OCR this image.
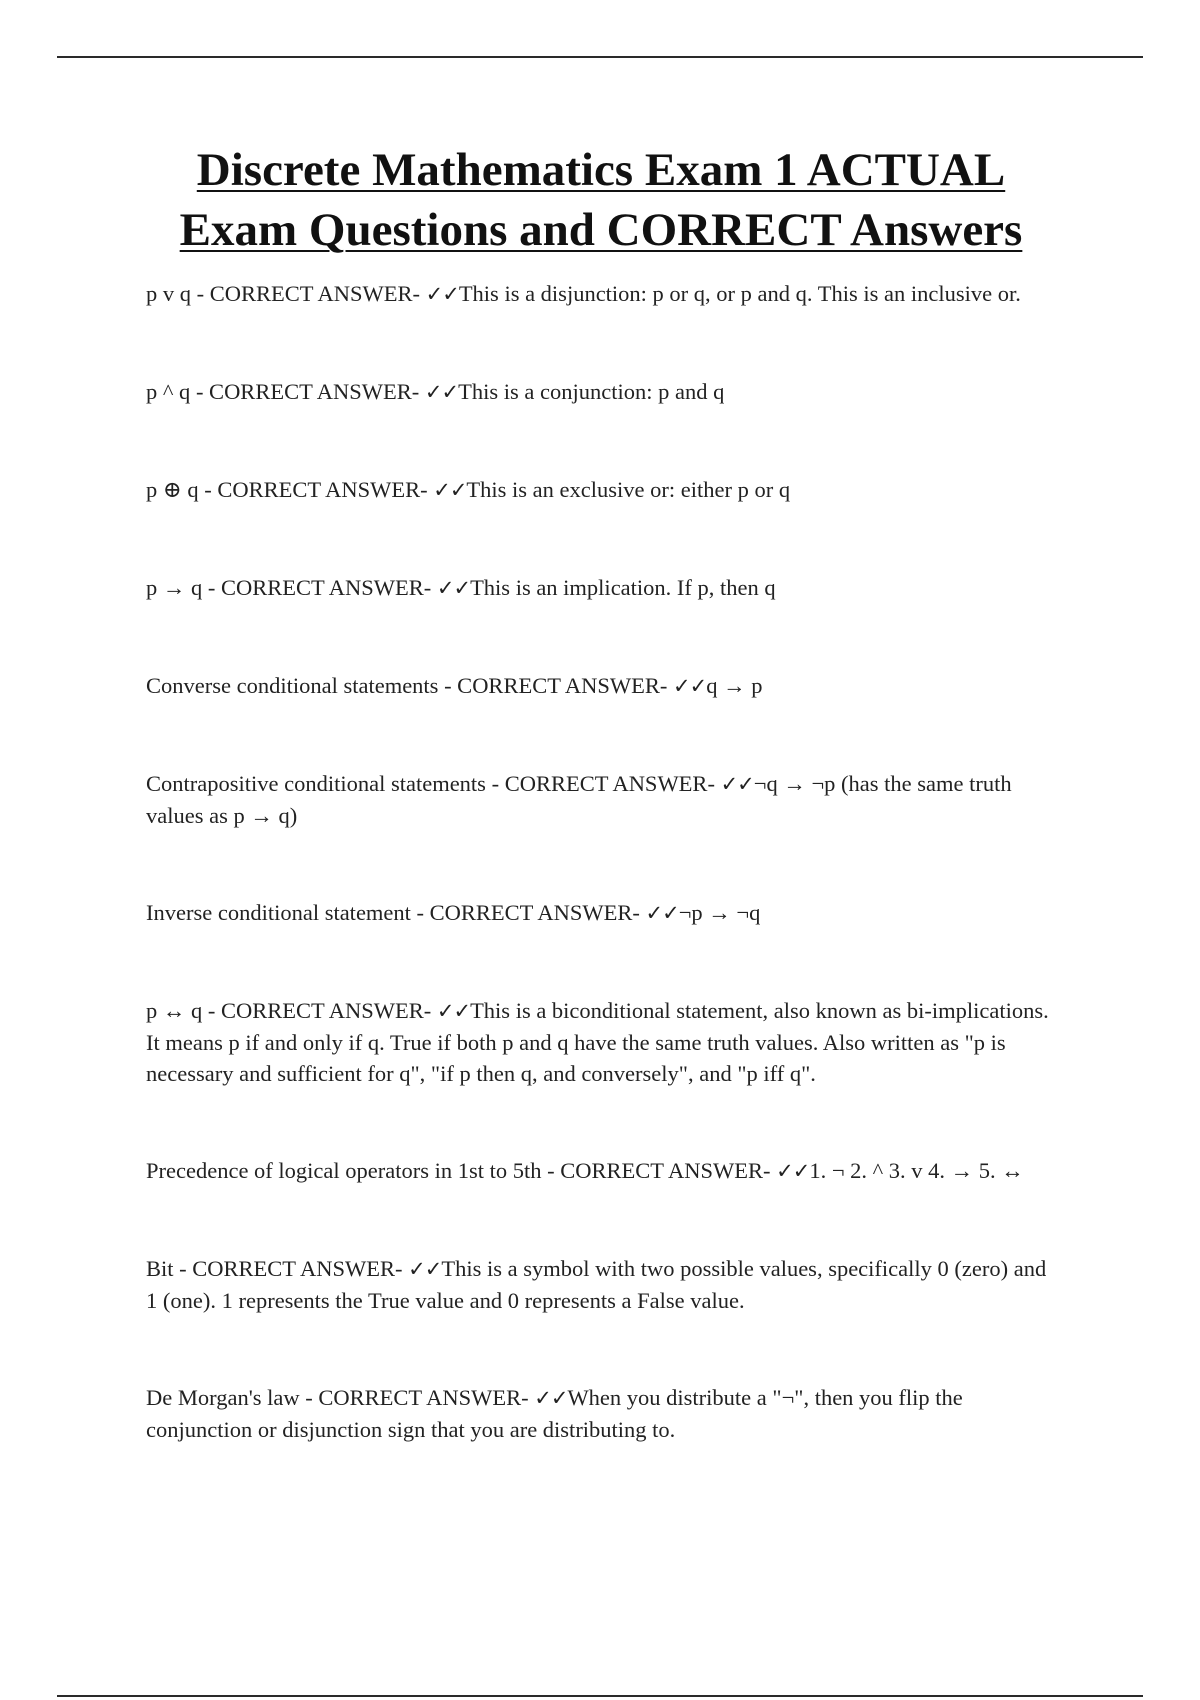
Discrete Mathematics Exam 1 ACTUAL
Exam Questions and CORRECT Answers

p v q - CORRECT ANSWER- ✓✓This is a disjunction: p or q, or p and q. This is an inclusive or.

p ^ q - CORRECT ANSWER- ✓✓This is a conjunction: p and q

p ⊕ q - CORRECT ANSWER- ✓✓This is an exclusive or: either p or q

p → q - CORRECT ANSWER- ✓✓This is an implication. If p, then q

Converse conditional statements - CORRECT ANSWER- ✓✓q → p

Contrapositive conditional statements - CORRECT ANSWER- ✓✓¬q → ¬p (has the same truth values as p → q)

Inverse conditional statement - CORRECT ANSWER- ✓✓¬p → ¬q

p ↔ q - CORRECT ANSWER- ✓✓This is a biconditional statement, also known as bi-implications. It means p if and only if q. True if both p and q have the same truth values. Also written as "p is necessary and sufficient for q", "if p then q, and conversely", and "p iff q".

Precedence of logical operators in 1st to 5th - CORRECT ANSWER- ✓✓1. ¬ 2. ^ 3. v 4. → 5. ↔

Bit - CORRECT ANSWER- ✓✓This is a symbol with two possible values, specifically 0 (zero) and 1 (one). 1 represents the True value and 0 represents a False value.

De Morgan's law - CORRECT ANSWER- ✓✓When you distribute a "¬", then you flip the conjunction or disjunction sign that you are distributing to.
